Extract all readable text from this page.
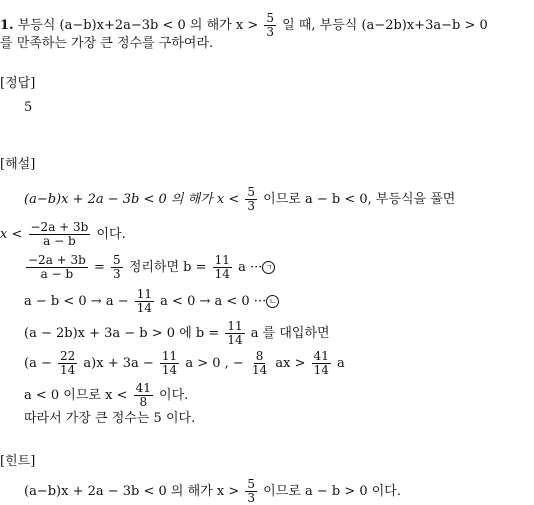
1. 부등식 (a−b)x+2a−3b < 0 의 해가 $x > \frac{5}{3}$ 일 때, 부등식 (a−2b)x+3a−b > 0
를 만족하는 가장 큰 정수를 구하여라.
[정답]
5
[해설]
(a−b)x + 2a − 3b < 0 의 해가 $x < \frac{5}{3}$ 이므로 a − b < 0, 부등식을 풀면
$x < \frac{-2a + 3b}{a - b}$ 이다.
$\frac{-2a + 3b}{a - b} = \frac{5}{3}$ 정리하면 $b = \frac{11}{14}$ a ··· ㄱ
$a - b < 0 \to a - \frac{11}{14}$ a < 0 → a < 0 ··· ㄴ
(a − 2b)x + 3a − b > 0 에 $b = \frac{11}{14}$ a 를 대입하면
$(a - \frac{22}{14} a)x + 3a - \frac{11}{14}$ a > 0 , − $\frac{8}{14}$ ax > $\frac{41}{14}$ a
a < 0 이므로 $x < \frac{41}{8}$ 이다.
따라서 가장 큰 정수는 5 이다.
[힌트]
(a−b)x + 2a − 3b < 0 의 해가 $x > \frac{5}{3}$ 이므로 a − b > 0 이다.
